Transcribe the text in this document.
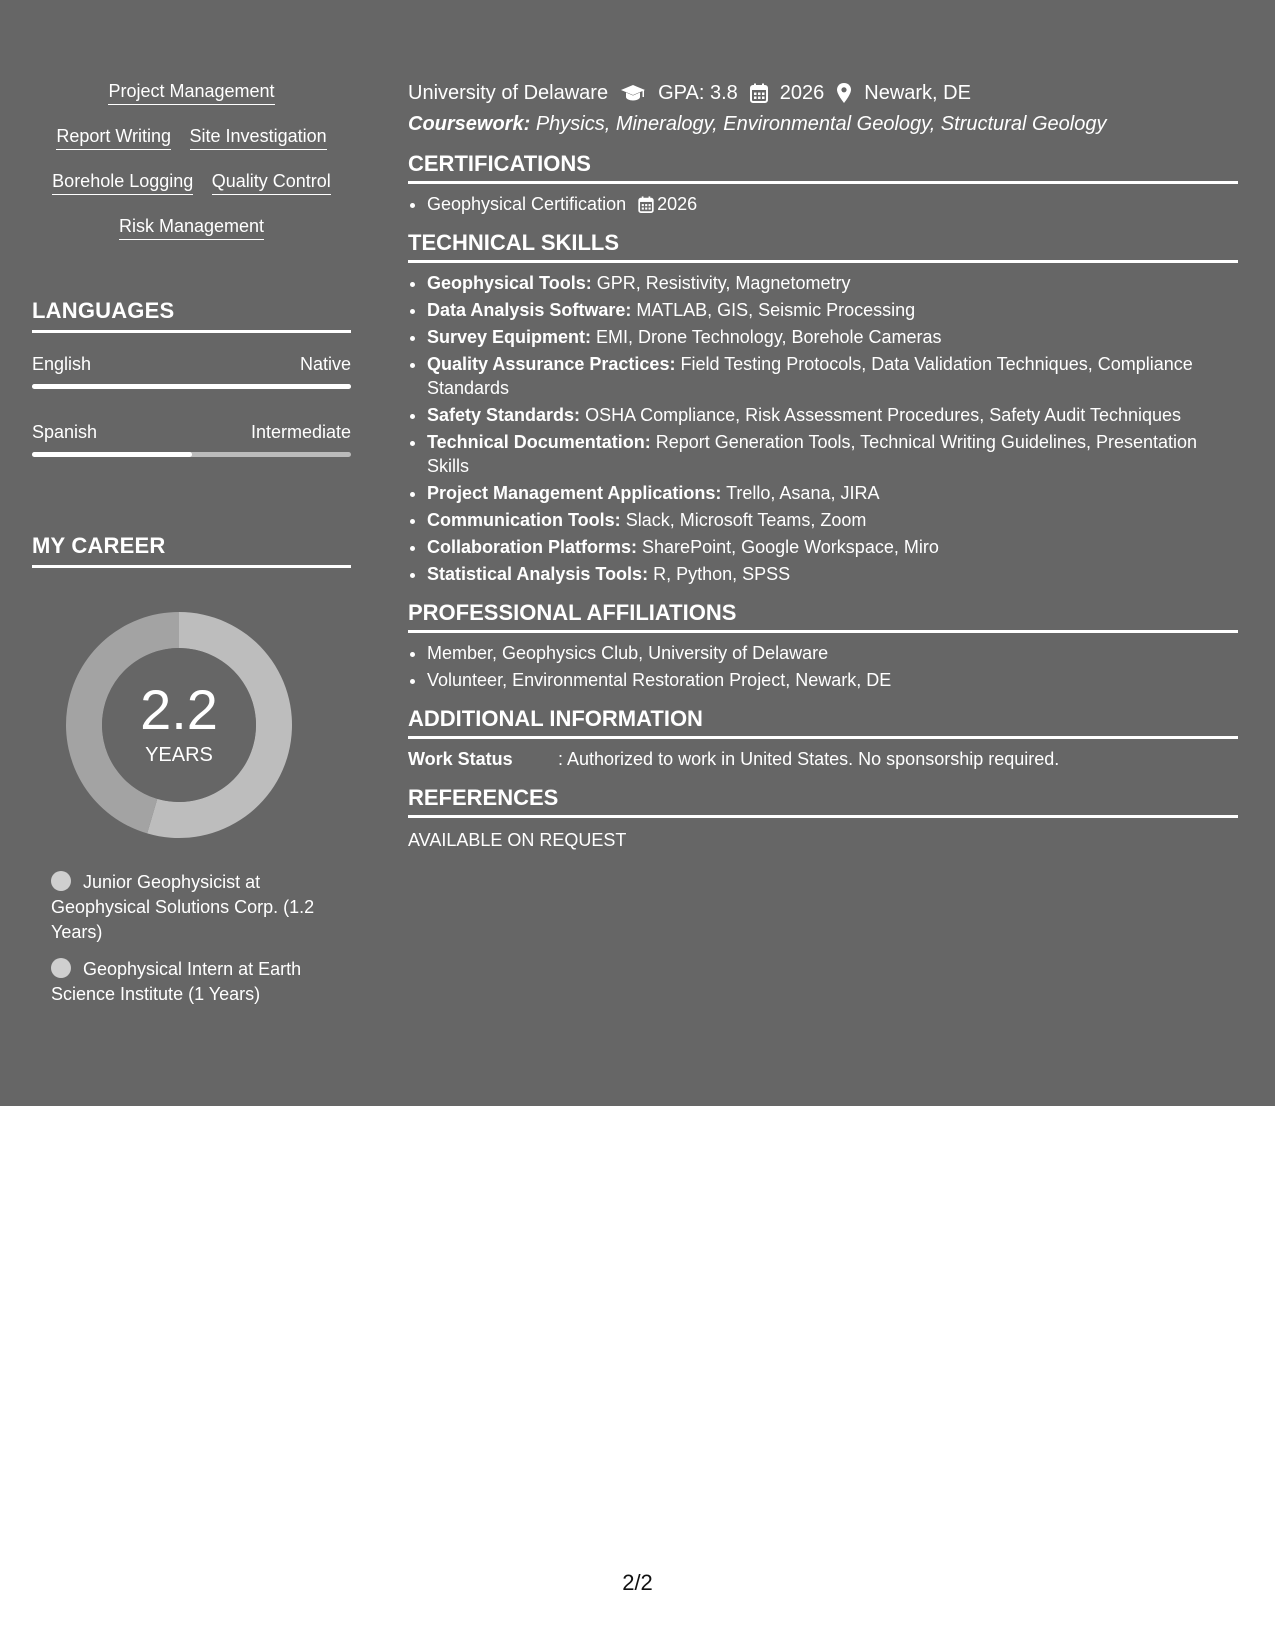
Project Management
Report Writing Site Investigation
Borehole Logging Quality Control
Risk Management
LANGUAGES
English	Native
Spanish	Intermediate
MY CAREER
2.2
YEARS
Junior Geophysicist at Geophysical Solutions Corp. (1.2 Years)
Geophysical Intern at Earth Science Institute (1 Years)
University of Delaware	GPA: 3.8 2026 Newark, DE
Coursework: Physics, Mineralogy, Environmental Geology, Structural Geology
CERTIFICATIONS
• Geophysical Certification 2026
TECHNICAL SKILLS
• Geophysical Tools: GPR, Resistivity, Magnetometry
• Data Analysis Software: MATLAB, GIS, Seismic Processing
• Survey Equipment: EMI, Drone Technology, Borehole Cameras
• Quality Assurance Practices: Field Testing Protocols, Data Validation Techniques, Compliance Standards
• Safety Standards: OSHA Compliance, Risk Assessment Procedures, Safety Audit Techniques
• Technical Documentation: Report Generation Tools, Technical Writing Guidelines, Presentation Skills
• Project Management Applications: Trello, Asana, JIRA
• Communication Tools: Slack, Microsoft Teams, Zoom
• Collaboration Platforms: SharePoint, Google Workspace, Miro
• Statistical Analysis Tools: R, Python, SPSS
PROFESSIONAL AFFILIATIONS
• Member, Geophysics Club, University of Delaware
• Volunteer, Environmental Restoration Project, Newark, DE
ADDITIONAL INFORMATION
Work Status	: Authorized to work in United States. No sponsorship required.
REFERENCES
AVAILABLE ON REQUEST
2/2
